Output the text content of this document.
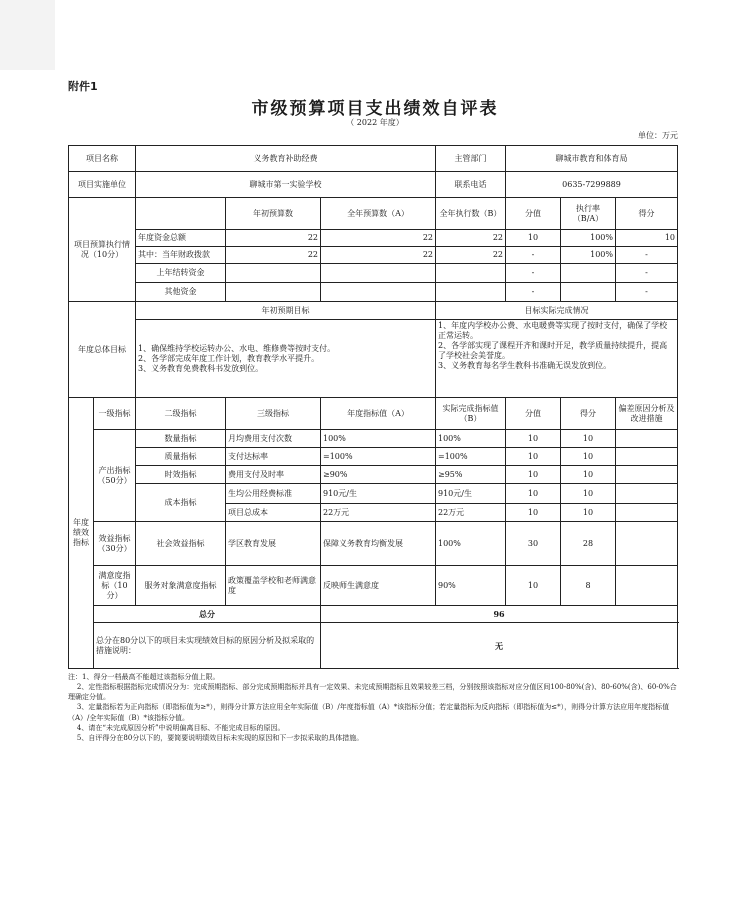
附件1
市级预算项目支出绩效自评表
（ 2022 年度）
单位：万元
项目名称		义务教育补助经费			主管部门	聊城市教育和体育局		
项目实施单位		聊城市第一实验学校			联系电话	0635-7299889		
项目预算执行情况（10分）			年初预算数	全年预算数（A）	全年执行数（B）	分值	执行率（B/A）	得分
		年度资金总额	22	22	22	10	100%	10
		其中：当年财政拨款	22	22	22	-	100%	-
		上年结转资金				-		-
		其他资金				-		-
年度总体目标		年初预期目标			目标实际完成情况			
		1、确保维持学校运转办公、水电、维修费等按时支付。
2、各学部完成年度工作计划，教育教学水平提升。
3、义务教育免费教科书发放到位。			1、年度内学校办公费、水电暖费等实现了按时支付，确保了学校正常运转。
2、各学部实现了课程开齐和课时开足，教学质量持续提升，提高了学校社会美誉度。
3、义务教育每名学生教科书准确无误发放到位。			
年度绩效指标	一级指标	二级指标	三级指标	年度指标值（A）	实际完成指标值（B）	分值	得分	偏差原因分析及改进措施
	产出指标（50分）	数量指标	月均费用支付次数	100%	100%	10	10	
		质量指标	支付达标率	=100%	=100%	10	10	
		时效指标	费用支付及时率	≥90%	≥95%	10	10	
		成本指标	生均公用经费标准	910元/生	910元/生	10	10	
			项目总成本	22万元	22万元	10	10	
	效益指标（30分）	社会效益指标	学区教育发展	保障义务教育均衡发展	100%	30	28	
	满意度指标（10分）	服务对象满意度指标	政策覆盖学校和老师满意度	反映师生满意度	90%	10	8	
	总分			96				
	总分在80分以下的项目未实现绩效目标的原因分析及拟采取的措施说明：			无				
注：1、得分一档最高不能超过该指标分值上限。
2、定性指标根据指标完成情况分为：完成预期指标、部分完成预期指标并具有一定效果、未完成预期指标且效果较差三档，分别按照该指标对应分值区间100-80%(含)、80-60%(含)、60-0%合理确定分值。
3、定量指标若为正向指标（即指标值为≥*），则得分计算方法应用全年实际值（B）/年度指标值（A）*该指标分值；若定量指标为反向指标（即指标值为≤*），则得分计算方法应用年度指标值（A）/全年实际值（B）*该指标分值。
4、请在“未完成原因分析”中说明偏离目标、不能完成目标的原因。
5、自评得分在80分以下的，要简要说明绩效目标未实现的原因和下一步拟采取的具体措施。
